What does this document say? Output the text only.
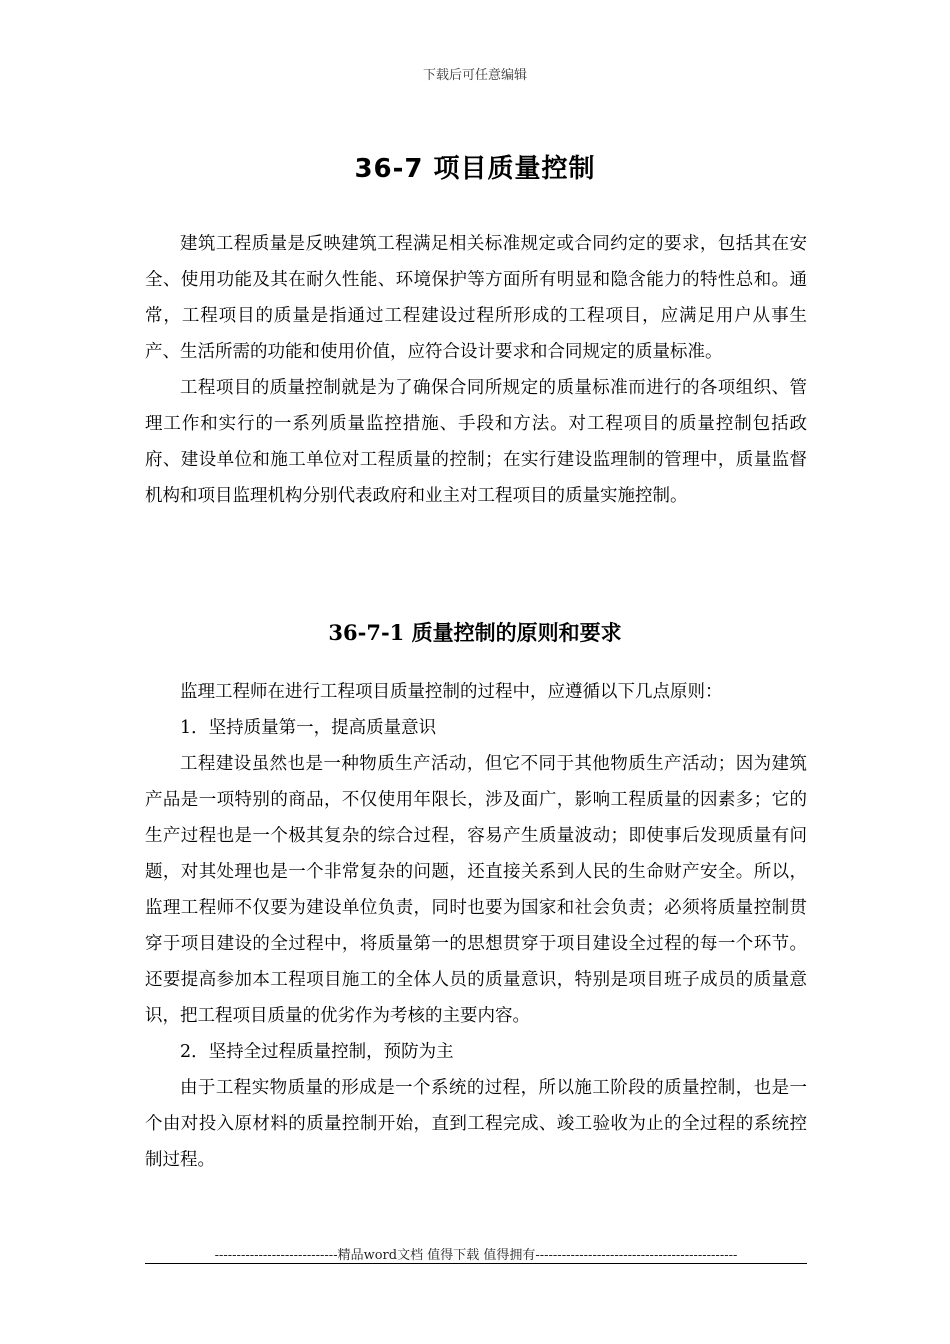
下载后可任意编辑
36-7 项目质量控制

建筑工程质量是反映建筑工程满足相关标准规定或合同约定的要求，包括其在安全、使用功能及其在耐久性能、环境保护等方面所有明显和隐含能力的特性总和。通常，工程项目的质量是指通过工程建设过程所形成的工程项目，应满足用户从事生产、生活所需的功能和使用价值，应符合设计要求和合同规定的质量标准。

工程项目的质量控制就是为了确保合同所规定的质量标准而进行的各项组织、管理工作和实行的一系列质量监控措施、手段和方法。对工程项目的质量控制包括政府、建设单位和施工单位对工程质量的控制；在实行建设监理制的管理中，质量监督机构和项目监理机构分别代表政府和业主对工程项目的质量实施控制。

36-7-1 质量控制的原则和要求

监理工程师在进行工程项目质量控制的过程中，应遵循以下几点原则：

1．坚持质量第一，提高质量意识

工程建设虽然也是一种物质生产活动，但它不同于其他物质生产活动；因为建筑产品是一项特别的商品，不仅使用年限长，涉及面广，影响工程质量的因素多；它的生产过程也是一个极其复杂的综合过程，容易产生质量波动；即使事后发现质量有问题，对其处理也是一个非常复杂的问题，还直接关系到人民的生命财产安全。所以，监理工程师不仅要为建设单位负责，同时也要为国家和社会负责；必须将质量控制贯穿于项目建设的全过程中，将质量第一的思想贯穿于项目建设全过程的每一个环节。还要提高参加本工程项目施工的全体人员的质量意识，特别是项目班子成员的质量意识，把工程项目质量的优劣作为考核的主要内容。

2．坚持全过程质量控制，预防为主

由于工程实物质量的形成是一个系统的过程，所以施工阶段的质量控制，也是一个由对投入原材料的质量控制开始，直到工程完成、竣工验收为止的全过程的系统控制过程。

----------------------------精品word文档 值得下载 值得拥有----------------------------------------------
